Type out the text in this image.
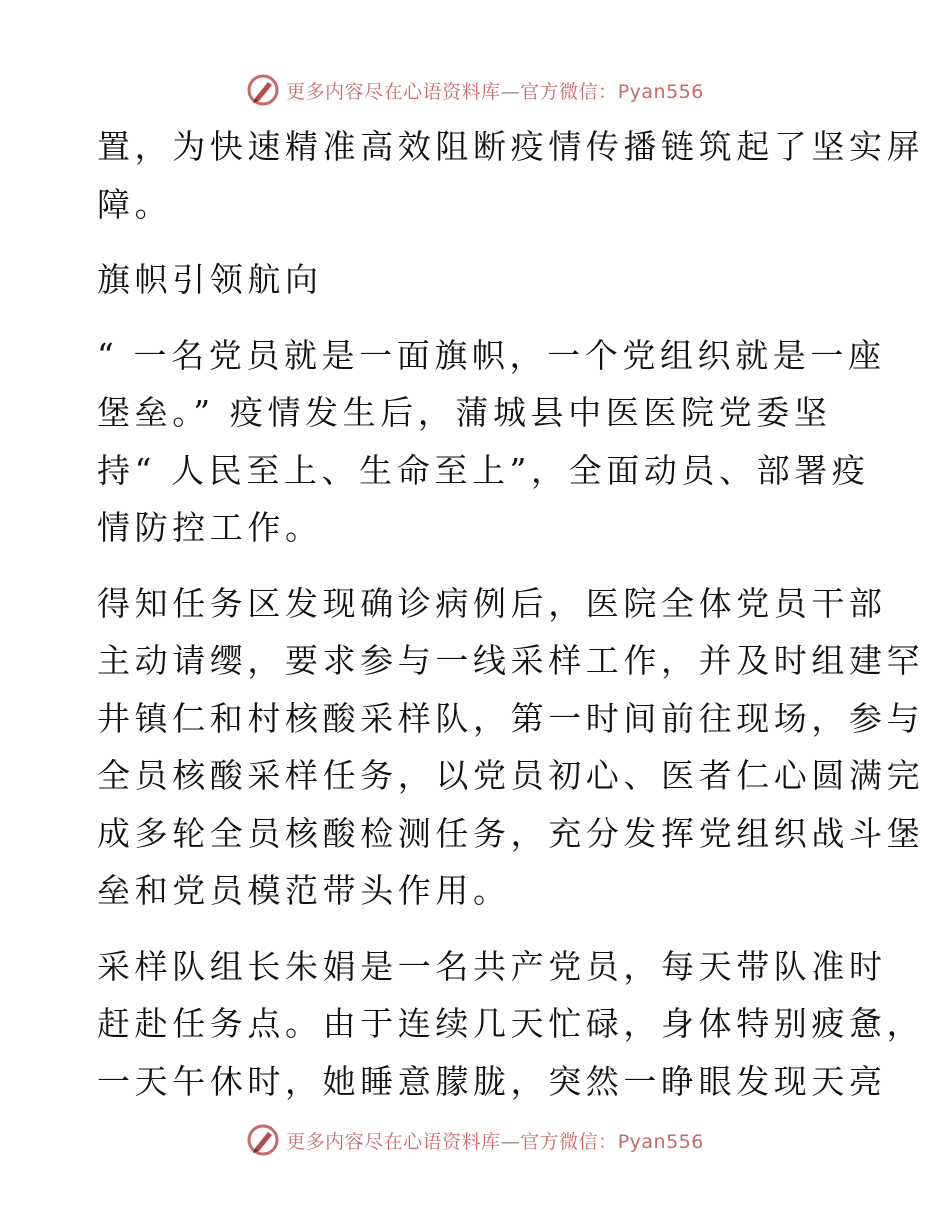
更多内容尽在心语资料库—官方微信：Pyan556

置，为快速精准高效阻断疫情传播链筑起了坚实屏
障。

旗帜引领航向

“ 一名党员就是一面旗帜，一个党组织就是一座
堡垒。” 疫情发生后，蒲城县中医医院党委坚
持“ 人民至上、生命至上”，全面动员、部署疫
情防控工作。

得知任务区发现确诊病例后，医院全体党员干部
主动请缨，要求参与一线采样工作，并及时组建罕
井镇仁和村核酸采样队，第一时间前往现场，参与
全员核酸采样任务，以党员初心、医者仁心圆满完
成多轮全员核酸检测任务，充分发挥党组织战斗堡
垒和党员模范带头作用。

采样队组长朱娟是一名共产党员，每天带队准时
赶赴任务点。由于连续几天忙碌，身体特别疲惫，
一天午休时，她睡意朦胧，突然一睁眼发现天亮

更多内容尽在心语资料库—官方微信：Pyan556
